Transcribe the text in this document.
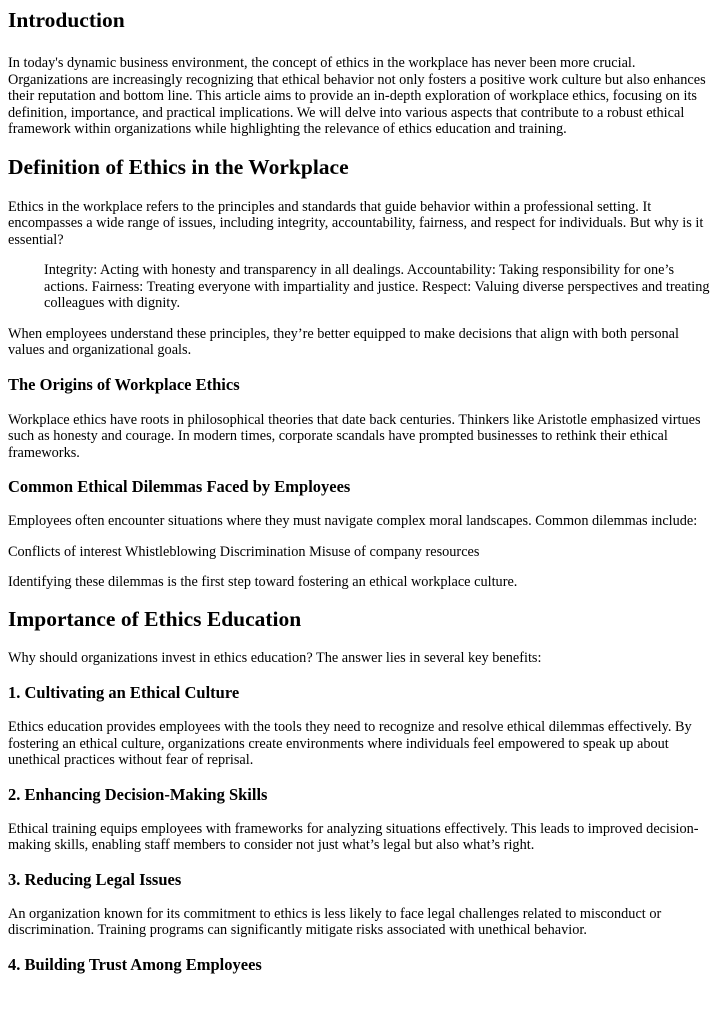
Introduction

In today's dynamic business environment, the concept of ethics in the workplace has never been more crucial. Organizations are increasingly recognizing that ethical behavior not only fosters a positive work culture but also enhances their reputation and bottom line. This article aims to provide an in-depth exploration of workplace ethics, focusing on its definition, importance, and practical implications. We will delve into various aspects that contribute to a robust ethical framework within organizations while highlighting the relevance of ethics education and training.

Definition of Ethics in the Workplace

Ethics in the workplace refers to the principles and standards that guide behavior within a professional setting. It encompasses a wide range of issues, including integrity, accountability, fairness, and respect for individuals. But why is it essential?

Integrity: Acting with honesty and transparency in all dealings. Accountability: Taking responsibility for one’s actions. Fairness: Treating everyone with impartiality and justice. Respect: Valuing diverse perspectives and treating colleagues with dignity.

When employees understand these principles, they’re better equipped to make decisions that align with both personal values and organizational goals.

The Origins of Workplace Ethics

Workplace ethics have roots in philosophical theories that date back centuries. Thinkers like Aristotle emphasized virtues such as honesty and courage. In modern times, corporate scandals have prompted businesses to rethink their ethical frameworks.

Common Ethical Dilemmas Faced by Employees

Employees often encounter situations where they must navigate complex moral landscapes. Common dilemmas include:

Conflicts of interest Whistleblowing Discrimination Misuse of company resources

Identifying these dilemmas is the first step toward fostering an ethical workplace culture.

Importance of Ethics Education

Why should organizations invest in ethics education? The answer lies in several key benefits:

1. Cultivating an Ethical Culture

Ethics education provides employees with the tools they need to recognize and resolve ethical dilemmas effectively. By fostering an ethical culture, organizations create environments where individuals feel empowered to speak up about unethical practices without fear of reprisal.

2. Enhancing Decision-Making Skills

Ethical training equips employees with frameworks for analyzing situations effectively. This leads to improved decision-making skills, enabling staff members to consider not just what’s legal but also what’s right.

3. Reducing Legal Issues

An organization known for its commitment to ethics is less likely to face legal challenges related to misconduct or discrimination. Training programs can significantly mitigate risks associated with unethical behavior.

4. Building Trust Among Employees
